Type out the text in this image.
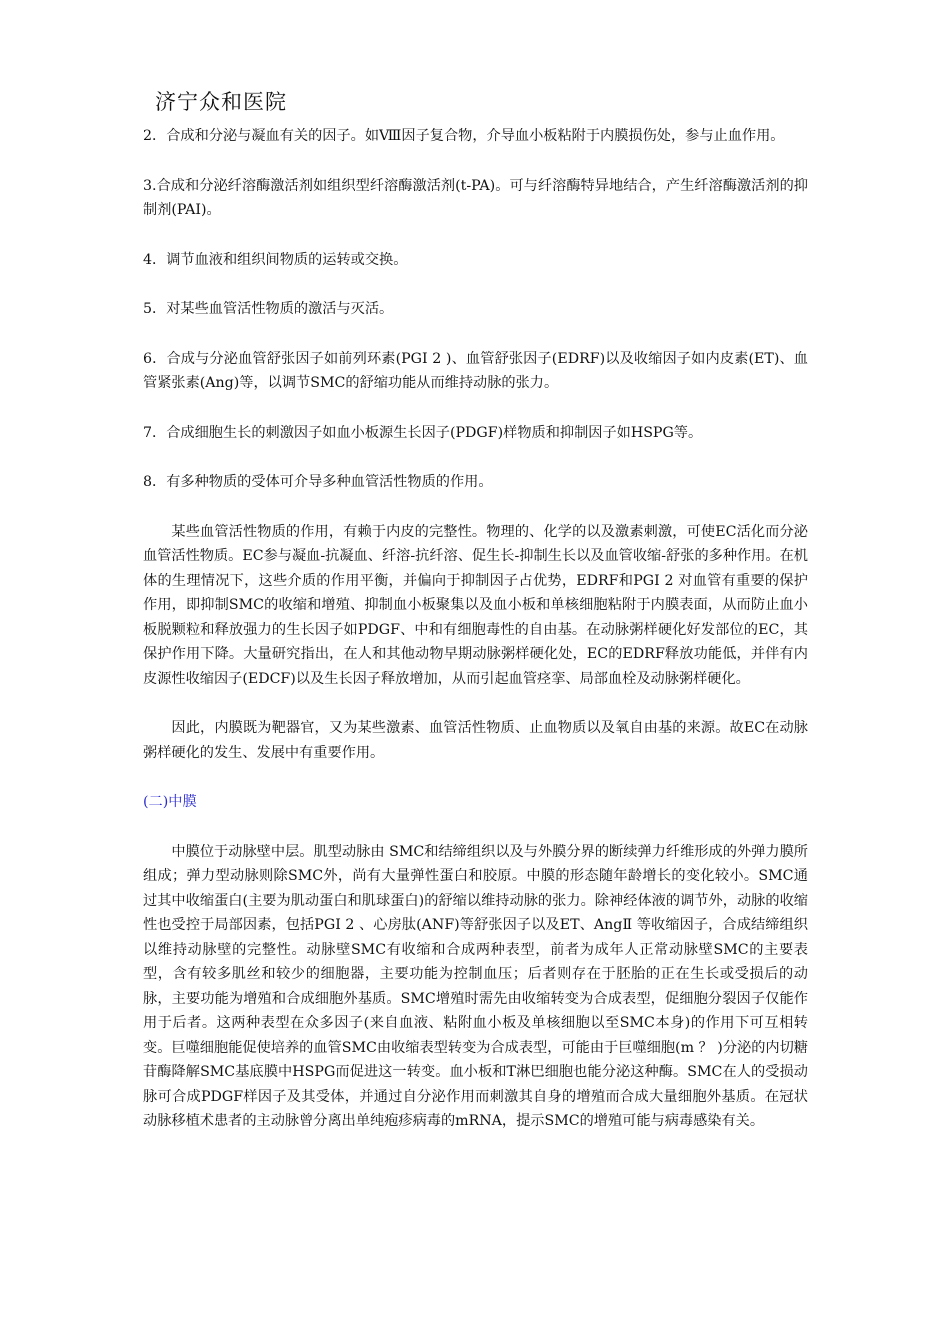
济宁众和医院

2．合成和分泌与凝血有关的因子。如Ⅷ因子复合物，介导血小板粘附于内膜损伤处，参与止血作用。

3.合成和分泌纤溶酶激活剂如组织型纤溶酶激活剂(t-PA)。可与纤溶酶特异地结合，产生纤溶酶激活剂的抑制剂(PAI)。

4．调节血液和组织间物质的运转或交换。

5．对某些血管活性物质的激活与灭活。

6．合成与分泌血管舒张因子如前列环素(PGI 2 )、血管舒张因子(EDRF)以及收缩因子如内皮素(ET)、血管紧张素(Ang)等，以调节SMC的舒缩功能从而维持动脉的张力。

7．合成细胞生长的刺激因子如血小板源生长因子(PDGF)样物质和抑制因子如HSPG等。

8．有多种物质的受体可介导多种血管活性物质的作用。

某些血管活性物质的作用，有赖于内皮的完整性。物理的、化学的以及激素刺激，可使EC活化而分泌血管活性物质。EC参与凝血-抗凝血、纤溶-抗纤溶、促生长-抑制生长以及血管收缩-舒张的多种作用。在机体的生理情况下，这些介质的作用平衡，并偏向于抑制因子占优势，EDRF和PGI 2 对血管有重要的保护作用，即抑制SMC的收缩和增殖、抑制血小板聚集以及血小板和单核细胞粘附于内膜表面，从而防止血小板脱颗粒和释放强力的生长因子如PDGF、中和有细胞毒性的自由基。在动脉粥样硬化好发部位的EC，其保护作用下降。大量研究指出，在人和其他动物早期动脉粥样硬化处，EC的EDRF释放功能低，并伴有内皮源性收缩因子(EDCF)以及生长因子释放增加，从而引起血管痉挛、局部血栓及动脉粥样硬化。

因此，内膜既为靶器官，又为某些激素、血管活性物质、止血物质以及氧自由基的来源。故EC在动脉粥样硬化的发生、发展中有重要作用。

(二)中膜

中膜位于动脉壁中层。肌型动脉由 SMC和结缔组织以及与外膜分界的断续弹力纤维形成的外弹力膜所组成；弹力型动脉则除SMC外，尚有大量弹性蛋白和胶原。中膜的形态随年龄增长的变化较小。SMC通过其中收缩蛋白(主要为肌动蛋白和肌球蛋白)的舒缩以维持动脉的张力。除神经体液的调节外，动脉的收缩性也受控于局部因素，包括PGI 2 、心房肽(ANF)等舒张因子以及ET、AngⅡ 等收缩因子，合成结缔组织以维持动脉壁的完整性。动脉壁SMC有收缩和合成两种表型，前者为成年人正常动脉壁SMC的主要表型，含有较多肌丝和较少的细胞器，主要功能为控制血压；后者则存在于胚胎的正在生长或受损后的动脉，主要功能为增殖和合成细胞外基质。SMC增殖时需先由收缩转变为合成表型，促细胞分裂因子仅能作用于后者。这两种表型在众多因子(来自血液、粘附血小板及单核细胞以至SMC本身)的作用下可互相转变。巨噬细胞能促使培养的血管SMC由收缩表型转变为合成表型，可能由于巨噬细胞(m ？ )分泌的内切糖苷酶降解SMC基底膜中HSPG而促进这一转变。血小板和T淋巴细胞也能分泌这种酶。SMC在人的受损动脉可合成PDGF样因子及其受体，并通过自分泌作用而刺激其自身的增殖而合成大量细胞外基质。在冠状动脉移植术患者的主动脉曾分离出单纯疱疹病毒的mRNA，提示SMC的增殖可能与病毒感染有关。
